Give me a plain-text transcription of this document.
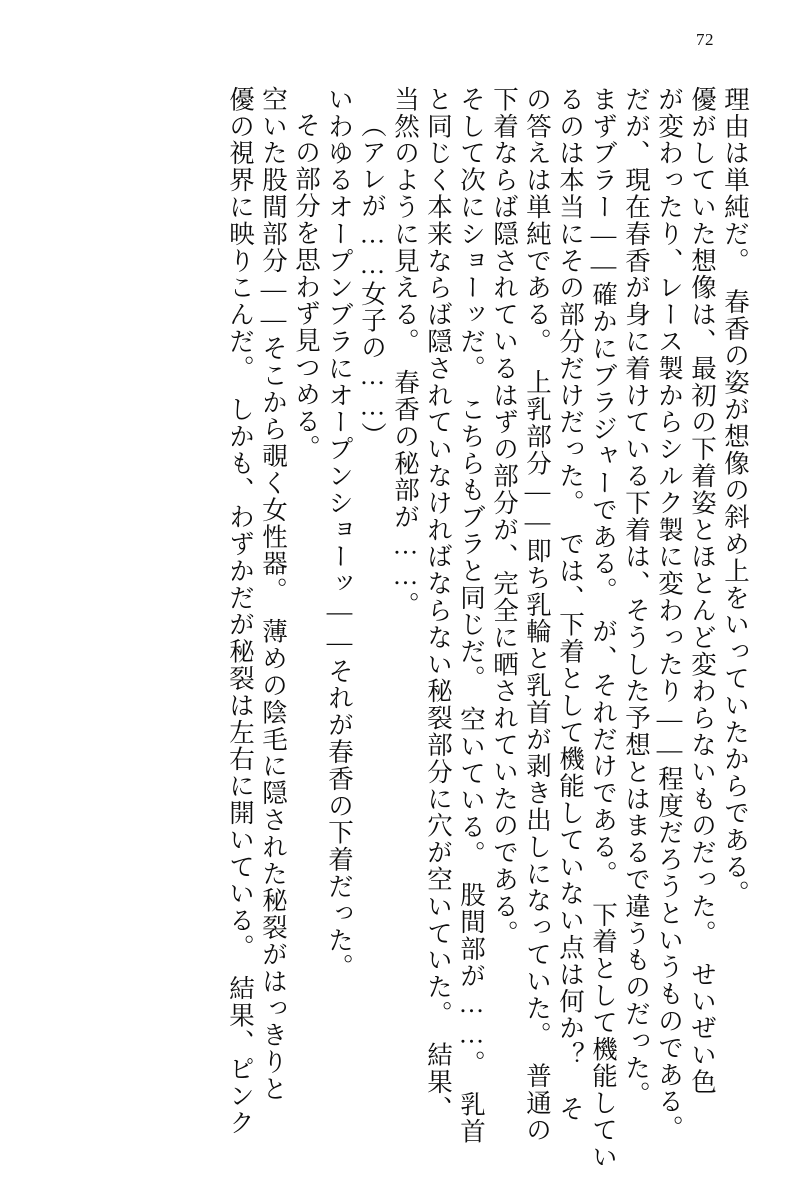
72
理由は単純だ。　春香の姿が想像の斜め上をいっていたからである。
優がしていた想像は、最初の下着姿とほとんど変わらないものだった。　せいぜい色
が変わったり、レース製からシルク製に変わったり——程度だろうというものである。
だが、現在春香が身に着けている下着は、そうした予想とはまるで違うものだった。
まずブラー——確かにブラジャーである。　が、それだけである。　下着として機能してい
るのは本当にその部分だけだった。　では、下着として機能していない点は何か？　そ
の答えは単純である。　上乳部分——即ち乳輪と乳首が剥き出しになっていた。　普通の
下着ならば隠されているはずの部分が、完全に晒されていたのである。
そして次にショーッだ。　こちらもブラと同じだ。　空いている。　股間部が……。　乳首
と同じく本来ならば隠されていなければならない秘裂部分に穴が空いていた。　結果、
当然のように見える。　春香の秘部が……。
（アレが……女子の……）
いわゆるオープンブラにオープンショーッ——それが春香の下着だった。
その部分を思わず見つめる。
空いた股間部分——そこから覗く女性器。　薄めの陰毛に隠された秘裂がはっきりと
優の視界に映りこんだ。　しかも、わずかだが秘裂は左右に開いている。　結果、ピンク
